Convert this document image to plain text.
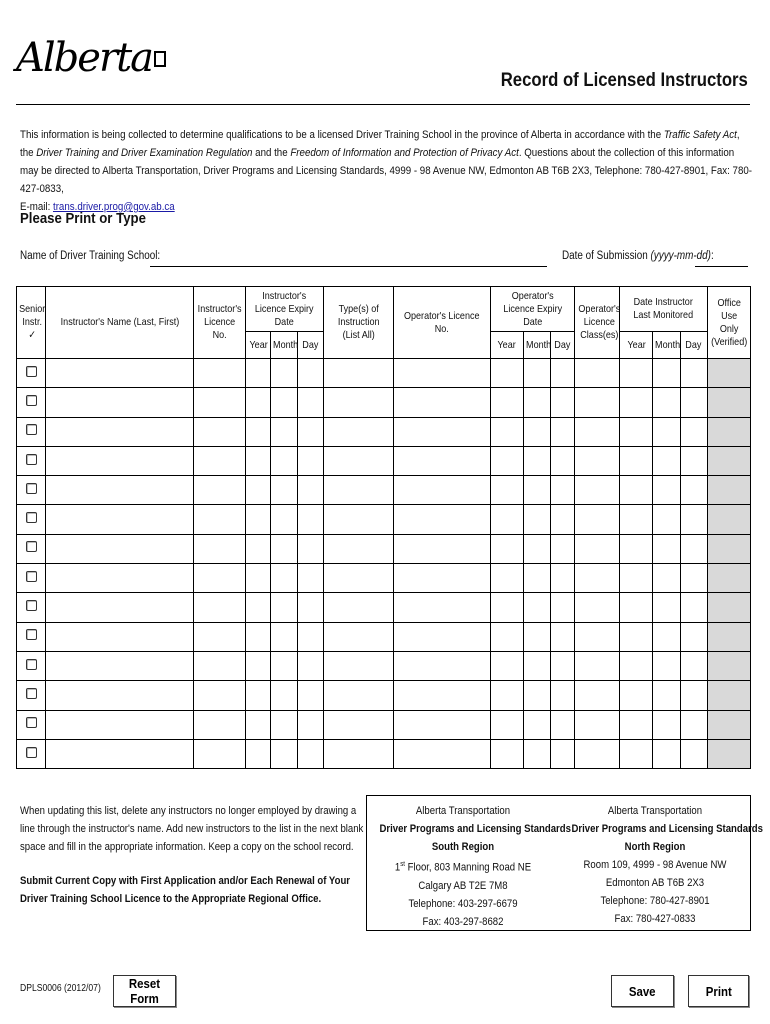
Alberta	Record of Licensed Instructors
This information is being collected to determine qualifications to be a licensed Driver Training School in the province of Alberta in accordance with the Traffic Safety Act, the Driver Training and Driver Examination Regulation and the Freedom of Information and Protection of Privacy Act. Questions about the collection of this information may be directed to Alberta Transportation, Driver Programs and Licensing Standards, 4999 - 98 Avenue NW, Edmonton AB T6B 2X3, Telephone: 780-427-8901, Fax: 780-427-0833,
E-mail: trans.driver.prog@gov.ab.ca
Please Print or Type
Name of Driver Training School:	Date of Submission (yyyy-mm-dd):
Senior Instr. ✓	Instructor's Name (Last, First)	Instructor's Licence No.	Instructor's Licence Expiry Date			Type(s) of Instruction (List All)	Operator's Licence No.	Operator's Licence Expiry Date			Operator's Licence Class(es)	Date Instructor Last Monitored			Office Use Only (Verified)
			Year	Month	Day			Year	Month	Day		Year	Month	Day	

When updating this list, delete any instructors no longer employed by drawing a line through the instructor's name. Add new instructors to the list in the next blank space and fill in the appropriate information. Keep a copy on the school record.

Submit Current Copy with First Application and/or Each Renewal of Your Driver Training School Licence to the Appropriate Regional Office.

Alberta Transportation
Driver Programs and Licensing Standards
South Region
1st Floor, 803 Manning Road NE
Calgary AB T2E 7M8
Telephone: 403-297-6679
Fax: 403-297-8682
Alberta Transportation
Driver Programs and Licensing Standards
North Region
Room 109, 4999 - 98 Avenue NW
Edmonton AB T6B 2X3
Telephone: 780-427-8901
Fax: 780-427-0833
DPLS0006 (2012/07)	Reset Form	Save	Print
